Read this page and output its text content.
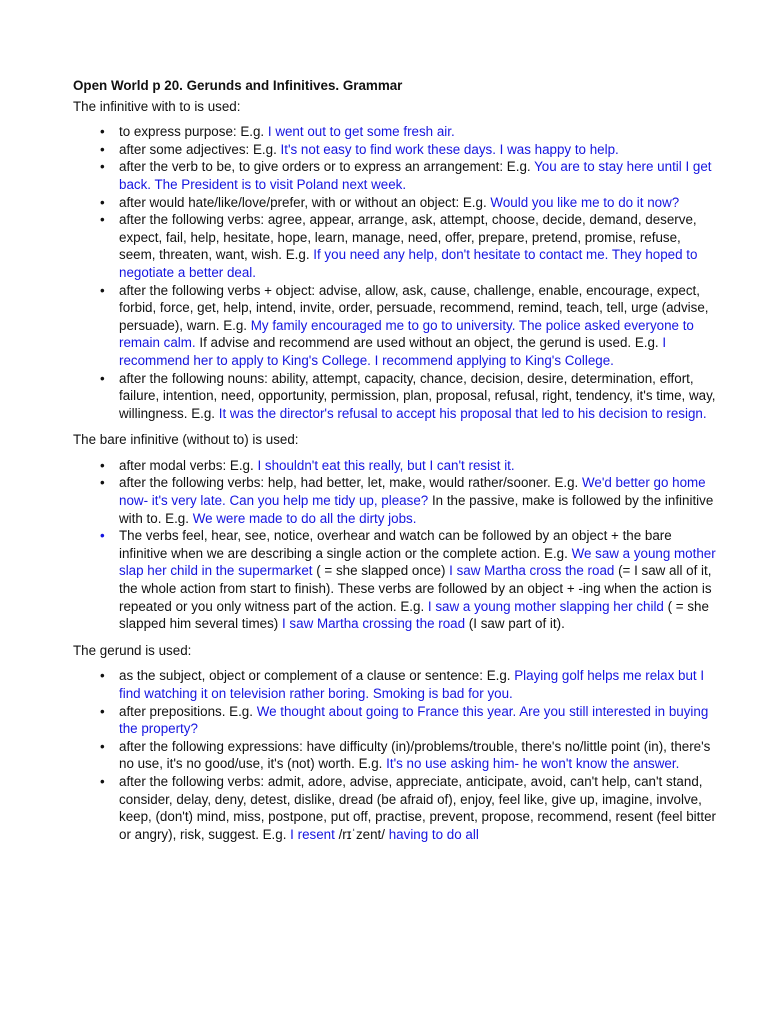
Open World p 20. Gerunds and Infinitives. Grammar
The infinitive with to is used:
• to express purpose: E.g. I went out to get some fresh air.
• after some adjectives: E.g. It's not easy to find work these days. I was happy to help.
• after the verb to be, to give orders or to express an arrangement: E.g. You are to stay here until I get back. The President is to visit Poland next week.
• after would hate/like/love/prefer, with or without an object: E.g. Would you like me to do it now?
• after the following verbs: agree, appear, arrange, ask, attempt, choose, decide, demand, deserve, expect, fail, help, hesitate, hope, learn, manage, need, offer, prepare, pretend, promise, refuse, seem, threaten, want, wish. E.g. If you need any help, don't hesitate to contact me. They hoped to negotiate a better deal.
• after the following verbs + object: advise, allow, ask, cause, challenge, enable, encourage, expect, forbid, force, get, help, intend, invite, order, persuade, recommend, remind, teach, tell, urge (advise, persuade), warn. E.g. My family encouraged me to go to university. The police asked everyone to remain calm. If advise and recommend are used without an object, the gerund is used. E.g. I recommend her to apply to King's College. I recommend applying to King's College.
• after the following nouns: ability, attempt, capacity, chance, decision, desire, determination, effort, failure, intention, need, opportunity, permission, plan, proposal, refusal, right, tendency, it's time, way, willingness. E.g. It was the director's refusal to accept his proposal that led to his decision to resign.
The bare infinitive (without to) is used:
• after modal verbs: E.g. I shouldn't eat this really, but I can't resist it.
• after the following verbs: help, had better, let, make, would rather/sooner. E.g. We'd better go home now- it's very late. Can you help me tidy up, please? In the passive, make is followed by the infinitive with to. E.g. We were made to do all the dirty jobs.
• The verbs feel, hear, see, notice, overhear and watch can be followed by an object + the bare infinitive when we are describing a single action or the complete action. E.g. We saw a young mother slap her child in the supermarket ( = she slapped once) I saw Martha cross the road (= I saw all of it, the whole action from start to finish). These verbs are followed by an object + -ing when the action is repeated or you only witness part of the action. E.g. I saw a young mother slapping her child ( = she slapped him several times) I saw Martha crossing the road (I saw part of it).
The gerund is used:
• as the subject, object or complement of a clause or sentence: E.g. Playing golf helps me relax but I find watching it on television rather boring. Smoking is bad for you.
• after prepositions. E.g. We thought about going to France this year. Are you still interested in buying the property?
• after the following expressions: have difficulty (in)/problems/trouble, there's no/little point (in), there's no use, it's no good/use, it's (not) worth. E.g. It's no use asking him- he won't know the answer.
• after the following verbs: admit, adore, advise, appreciate, anticipate, avoid, can't help, can't stand, consider, delay, deny, detest, dislike, dread (be afraid of), enjoy, feel like, give up, imagine, involve, keep, (don't) mind, miss, postpone, put off, practise, prevent, propose, recommend, resent (feel bitter or angry), risk, suggest. E.g. I resent /rɪˈzent/ having to do all
